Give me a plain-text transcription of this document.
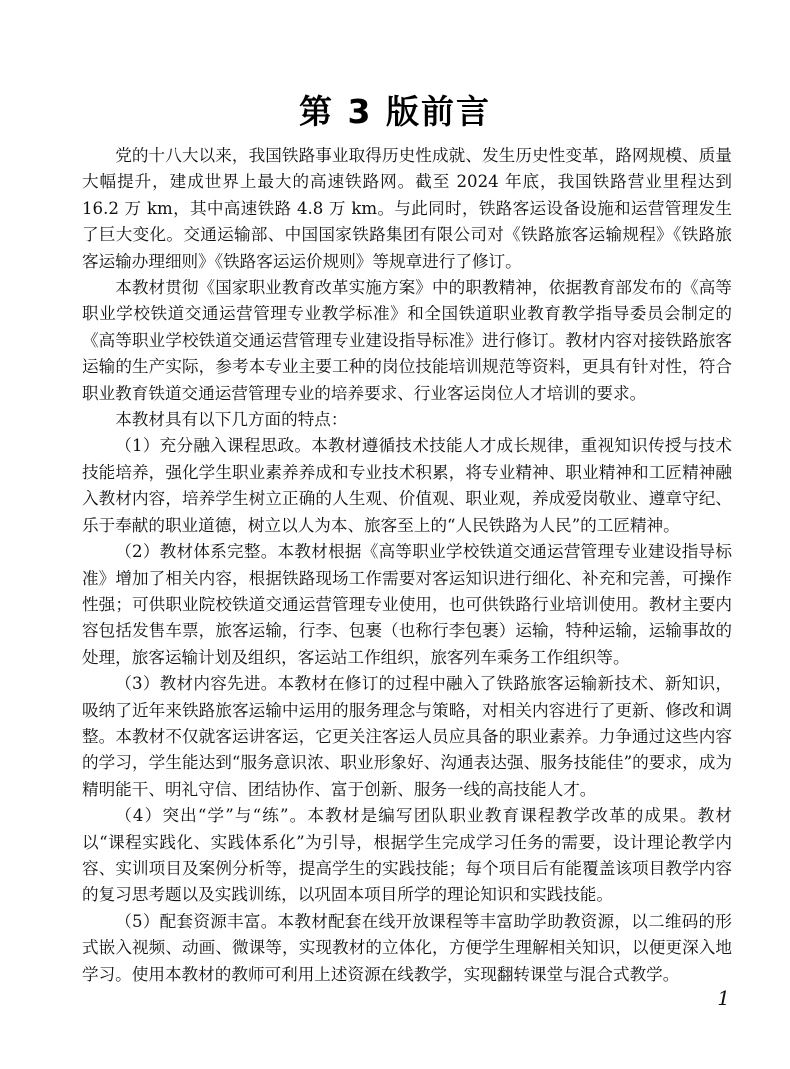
第 3 版前言

党的十八大以来，我国铁路事业取得历史性成就、发生历史性变革，路网规模、质量大幅提升，建成世界上最大的高速铁路网。截至 2024 年底，我国铁路营业里程达到 16.2 万 km，其中高速铁路 4.8 万 km。与此同时，铁路客运设备设施和运营管理发生了巨大变化。交通运输部、中国国家铁路集团有限公司对《铁路旅客运输规程》《铁路旅客运输办理细则》《铁路客运运价规则》等规章进行了修订。

本教材贯彻《国家职业教育改革实施方案》中的职教精神，依据教育部发布的《高等职业学校铁道交通运营管理专业教学标准》和全国铁道职业教育教学指导委员会制定的《高等职业学校铁道交通运营管理专业建设指导标准》进行修订。教材内容对接铁路旅客运输的生产实际，参考本专业主要工种的岗位技能培训规范等资料，更具有针对性，符合职业教育铁道交通运营管理专业的培养要求、行业客运岗位人才培训的要求。

本教材具有以下几方面的特点：

（1）充分融入课程思政。本教材遵循技术技能人才成长规律，重视知识传授与技术技能培养，强化学生职业素养养成和专业技术积累，将专业精神、职业精神和工匠精神融入教材内容，培养学生树立正确的人生观、价值观、职业观，养成爱岗敬业、遵章守纪、乐于奉献的职业道德，树立以人为本、旅客至上的“人民铁路为人民”的工匠精神。

（2）教材体系完整。本教材根据《高等职业学校铁道交通运营管理专业建设指导标准》增加了相关内容，根据铁路现场工作需要对客运知识进行细化、补充和完善，可操作性强；可供职业院校铁道交通运营管理专业使用，也可供铁路行业培训使用。教材主要内容包括发售车票，旅客运输，行李、包裹（也称行李包裹）运输，特种运输，运输事故的处理，旅客运输计划及组织，客运站工作组织，旅客列车乘务工作组织等。

（3）教材内容先进。本教材在修订的过程中融入了铁路旅客运输新技术、新知识，吸纳了近年来铁路旅客运输中运用的服务理念与策略，对相关内容进行了更新、修改和调整。本教材不仅就客运讲客运，它更关注客运人员应具备的职业素养。力争通过这些内容的学习，学生能达到“服务意识浓、职业形象好、沟通表达强、服务技能佳”的要求，成为精明能干、明礼守信、团结协作、富于创新、服务一线的高技能人才。

（4）突出“学”与“练”。本教材是编写团队职业教育课程教学改革的成果。教材以“课程实践化、实践体系化”为引导，根据学生完成学习任务的需要，设计理论教学内容、实训项目及案例分析等，提高学生的实践技能；每个项目后有能覆盖该项目教学内容的复习思考题以及实践训练，以巩固本项目所学的理论知识和实践技能。

（5）配套资源丰富。本教材配套在线开放课程等丰富助学助教资源，以二维码的形式嵌入视频、动画、微课等，实现教材的立体化，方便学生理解相关知识，以便更深入地学习。使用本教材的教师可利用上述资源在线教学，实现翻转课堂与混合式教学。

1
